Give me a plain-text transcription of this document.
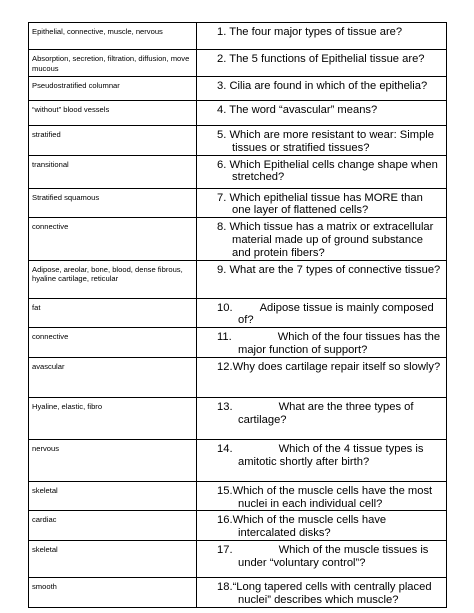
Epithelial, connective, muscle, nervous	1. The four major types of tissue are?

Absorption, secretion, filtration, diffusion, move mucous	2. The 5 functions of Epithelial tissue are?

Pseudostratified columnar	3. Cilia are found in which of the epithelia?

“without” blood vessels	4. The word “avascular” means?

stratified	5. Which are more resistant to wear: Simple tissues or stratified tissues?

transitional	6. Which Epithelial cells change shape when stretched?

Stratified squamous	7. Which epithelial tissue has MORE than one layer of flattened cells?

connective	8. Which tissue has a matrix or extracellular material made up of ground substance and protein fibers?

Adipose, areolar, bone, blood, dense fibrous, hyaline cartilage, reticular	9. What are the 7 types of connective tissue?

fat	10. Adipose tissue is mainly composed of?

connective	11. Which of the four tissues has the major function of support?

avascular	12.Why does cartilage repair itself so slowly?

Hyaline, elastic, fibro	13. What are the three types of cartilage?

nervous	14. Which of the 4 tissue types is amitotic shortly after birth?

skeletal	15.Which of the muscle cells have the most nuclei in each individual cell?

cardiac	16.Which of the muscle cells have intercalated disks?

skeletal	17. Which of the muscle tissues is under “voluntary control”?

smooth	18.“Long tapered cells with centrally placed nuclei” describes which muscle?
